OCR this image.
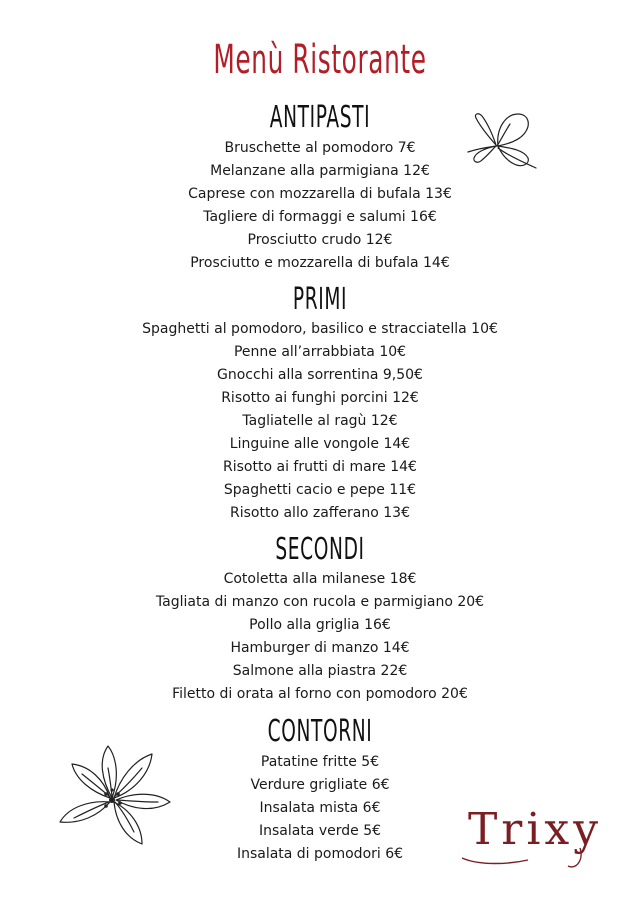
Menù Ristorante
ANTIPASTI
Bruschette al pomodoro 7€
Melanzane alla parmigiana 12€
Caprese con mozzarella di bufala 13€
Tagliere di formaggi e salumi 16€
Prosciutto crudo 12€
Prosciutto e mozzarella di bufala 14€
PRIMI
Spaghetti al pomodoro, basilico e stracciatella 10€
Penne all’arrabbiata 10€
Gnocchi alla sorrentina 9,50€
Risotto ai funghi porcini 12€
Tagliatelle al ragù 12€
Linguine alle vongole 14€
Risotto ai frutti di mare 14€
Spaghetti cacio e pepe 11€
Risotto allo zafferano 13€
SECONDI
Cotoletta alla milanese 18€
Tagliata di manzo con rucola e parmigiano 20€
Pollo alla griglia 16€
Hamburger di manzo 14€
Salmone alla piastra 22€
Filetto di orata al forno con pomodoro 20€
CONTORNI
Patatine fritte 5€
Verdure grigliate 6€
Insalata mista 6€
Insalata verde 5€
Insalata di pomodori 6€	Trixy
